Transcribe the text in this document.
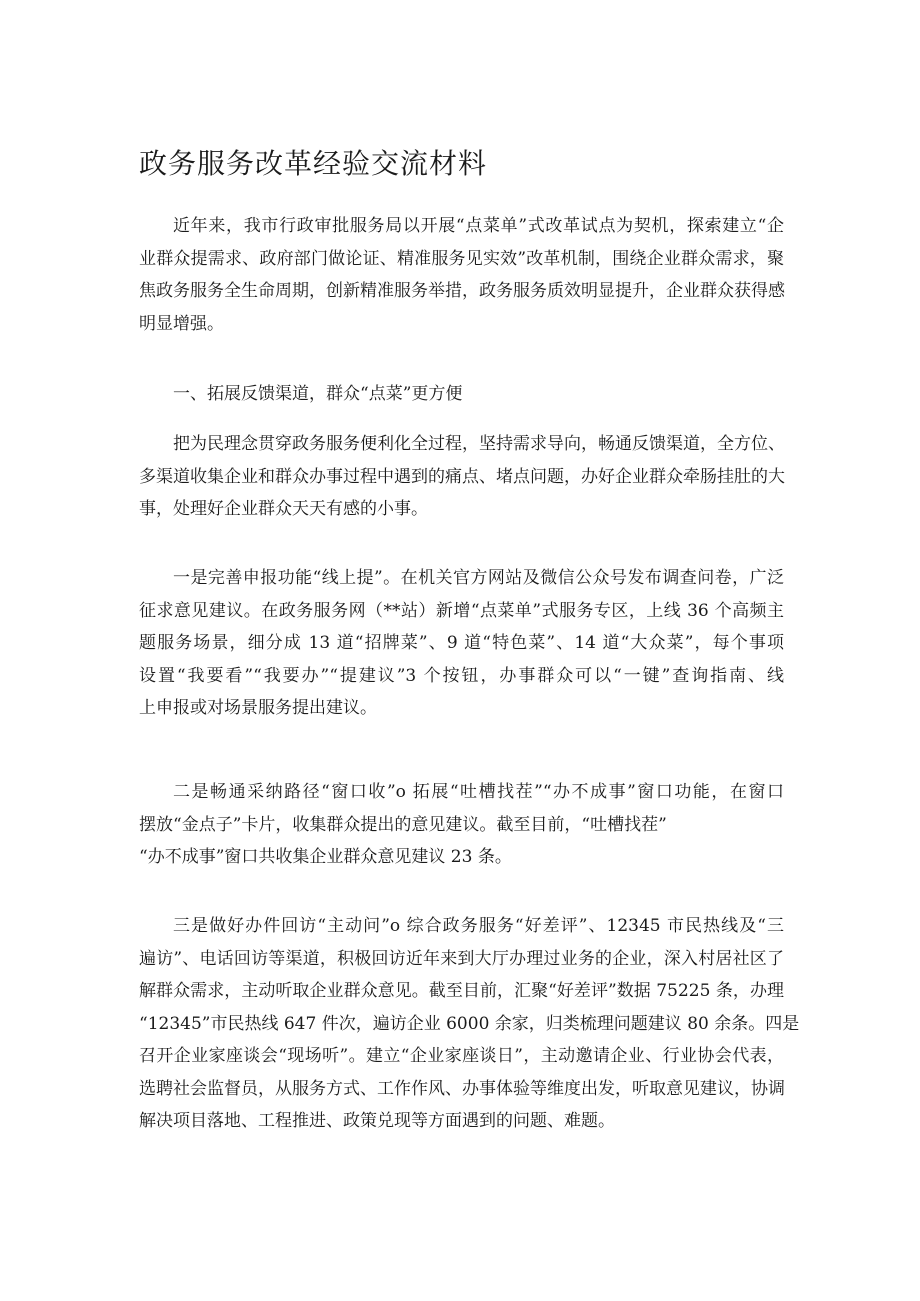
政务服务改革经验交流材料
近年来，我市行政审批服务局以开展“点菜单”式改革试点为契机，探索建立“企
业群众提需求、政府部门做论证、精准服务见实效”改革机制，围绕企业群众需求，聚
焦政务服务全生命周期，创新精准服务举措，政务服务质效明显提升，企业群众获得感
明显增强。

一、拓展反馈渠道，群众“点菜”更方便

把为民理念贯穿政务服务便利化全过程，坚持需求导向，畅通反馈渠道，全方位、
多渠道收集企业和群众办事过程中遇到的痛点、堵点问题，办好企业群众牵肠挂肚的大
事，处理好企业群众天天有感的小事。
一是完善申报功能“线上提”。在机关官方网站及微信公众号发布调查问卷，广泛
征求意见建议。在政务服务网（**站）新增“点菜单”式服务专区，上线 36 个高频主
题服务场景，细分成 13 道“招牌菜”、9 道“特色菜”、14 道“大众菜”，每个事项
设置“我要看”“我要办”“提建议”3 个按钮，办事群众可以“一键”查询指南、线
上申报或对场景服务提出建议。
二是畅通采纳路径“窗口收”o 拓展“吐槽找茬”“办不成事”窗口功能，在窗口
摆放“金点子”卡片，收集群众提出的意见建议。截至目前，“吐槽找茬”
“办不成事”窗口共收集企业群众意见建议 23 条。
三是做好办件回访“主动问”o 综合政务服务“好差评”、12345 市民热线及“三
遍访”、电话回访等渠道，积极回访近年来到大厅办理过业务的企业，深入村居社区了
解群众需求，主动听取企业群众意见。截至目前，汇聚“好差评”数据 75225 条，办理
“12345”市民热线 647 件次，遍访企业 6000 余家，归类梳理问题建议 80 余条。四是
召开企业家座谈会“现场听”。建立“企业家座谈日”，主动邀请企业、行业协会代表，
选聘社会监督员，从服务方式、工作作风、办事体验等维度出发，听取意见建议，协调
解决项目落地、工程推进、政策兑现等方面遇到的问题、难题。
